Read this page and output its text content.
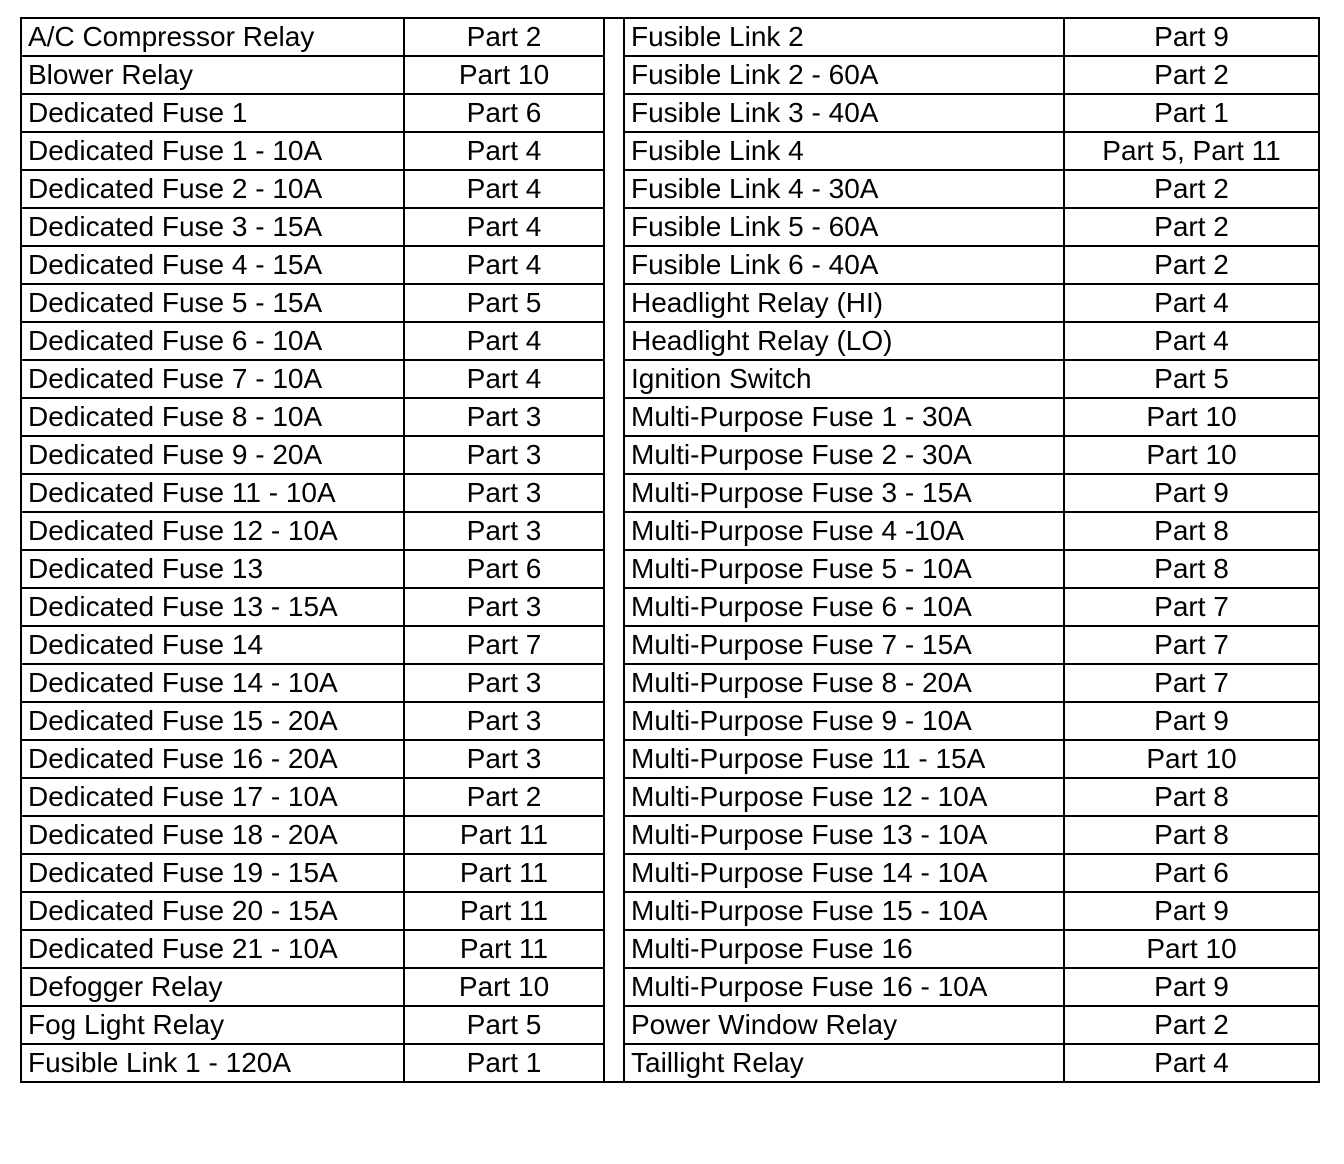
A/C Compressor Relay	Part 2		Fusible Link 2	Part 9
Blower Relay	Part 10		Fusible Link 2 - 60A	Part 2
Dedicated Fuse 1	Part 6		Fusible Link 3 - 40A	Part 1
Dedicated Fuse 1 - 10A	Part 4		Fusible Link 4	Part 5, Part 11
Dedicated Fuse 2 - 10A	Part 4		Fusible Link 4 - 30A	Part 2
Dedicated Fuse 3 - 15A	Part 4		Fusible Link 5 - 60A	Part 2
Dedicated Fuse 4 - 15A	Part 4		Fusible Link 6 - 40A	Part 2
Dedicated Fuse 5 - 15A	Part 5		Headlight Relay (HI)	Part 4
Dedicated Fuse 6 - 10A	Part 4		Headlight Relay (LO)	Part 4
Dedicated Fuse 7 - 10A	Part 4		Ignition Switch	Part 5
Dedicated Fuse 8 - 10A	Part 3		Multi-Purpose Fuse 1 - 30A	Part 10
Dedicated Fuse 9 - 20A	Part 3		Multi-Purpose Fuse 2 - 30A	Part 10
Dedicated Fuse 11 - 10A	Part 3		Multi-Purpose Fuse 3 - 15A	Part 9
Dedicated Fuse 12 - 10A	Part 3		Multi-Purpose Fuse 4 -10A	Part 8
Dedicated Fuse 13	Part 6		Multi-Purpose Fuse 5 - 10A	Part 8
Dedicated Fuse 13 - 15A	Part 3		Multi-Purpose Fuse 6 - 10A	Part 7
Dedicated Fuse 14	Part 7		Multi-Purpose Fuse 7 - 15A	Part 7
Dedicated Fuse 14 - 10A	Part 3		Multi-Purpose Fuse 8 - 20A	Part 7
Dedicated Fuse 15 - 20A	Part 3		Multi-Purpose Fuse 9 - 10A	Part 9
Dedicated Fuse 16 - 20A	Part 3		Multi-Purpose Fuse 11 - 15A	Part 10
Dedicated Fuse 17 - 10A	Part 2		Multi-Purpose Fuse 12 - 10A	Part 8
Dedicated Fuse 18 - 20A	Part 11		Multi-Purpose Fuse 13 - 10A	Part 8
Dedicated Fuse 19 - 15A	Part 11		Multi-Purpose Fuse 14 - 10A	Part 6
Dedicated Fuse 20 - 15A	Part 11		Multi-Purpose Fuse 15 - 10A	Part 9
Dedicated Fuse 21 - 10A	Part 11		Multi-Purpose Fuse 16	Part 10
Defogger Relay	Part 10		Multi-Purpose Fuse 16 - 10A	Part 9
Fog Light Relay	Part 5		Power Window Relay	Part 2
Fusible Link 1 - 120A	Part 1		Taillight Relay	Part 4
